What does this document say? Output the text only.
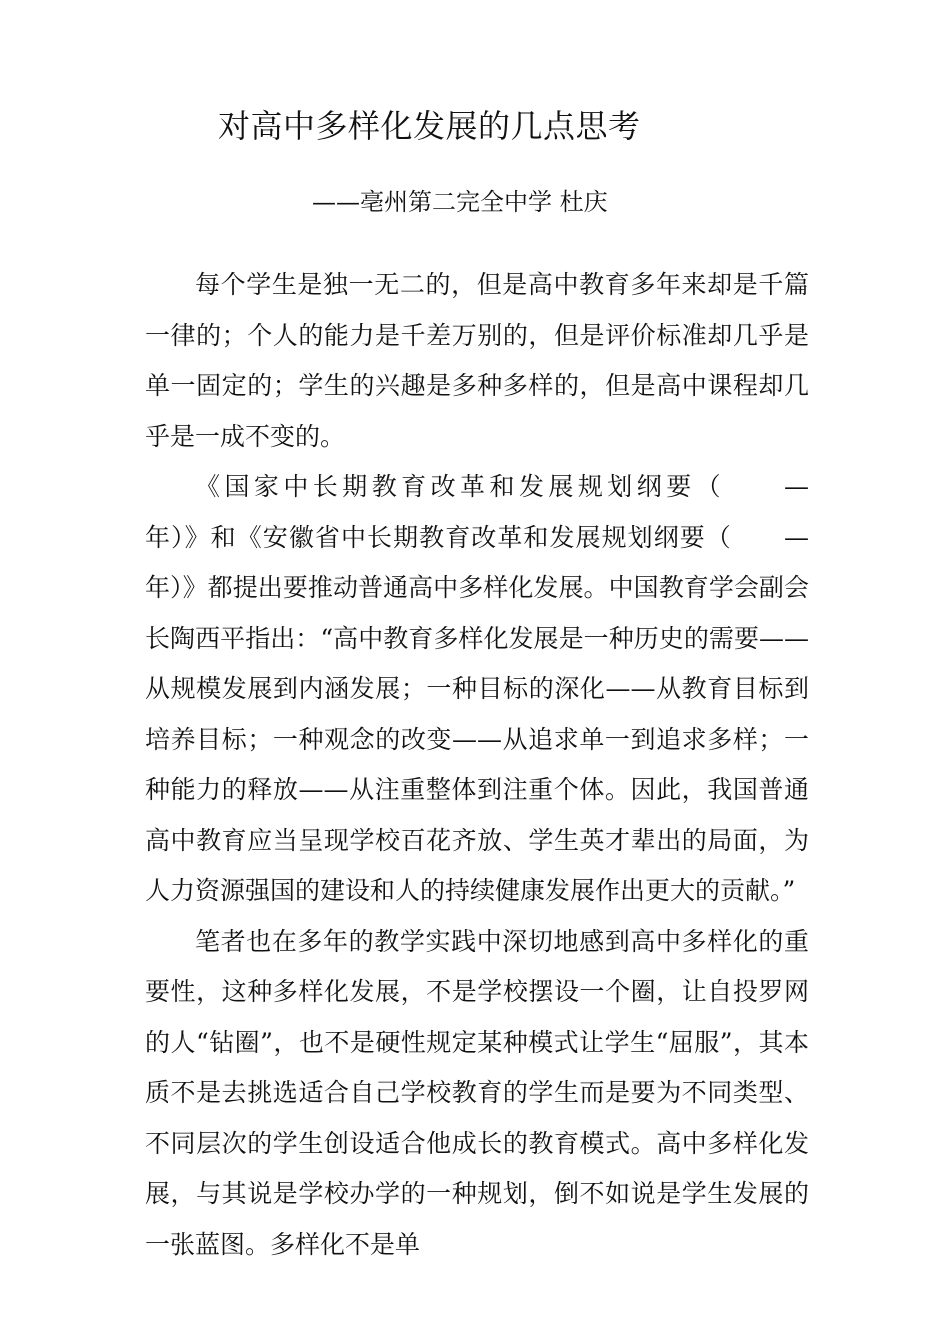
对高中多样化发展的几点思考
——亳州第二完全中学 杜庆

每个学生是独一无二的，但是高中教育多年来却是千篇一律的；个人的能力是千差万别的，但是评价标准却几乎是单一固定的；学生的兴趣是多种多样的，但是高中课程却几乎是一成不变的。

《国家中长期教育改革和发展规划纲要（　　—　　年）》和《安徽省中长期教育改革和发展规划纲要（　　—　　年）》都提出要推动普通高中多样化发展。中国教育学会副会长陶西平指出：“高中教育多样化发展是一种历史的需要——从规模发展到内涵发展；一种目标的深化——从教育目标到培养目标；一种观念的改变——从追求单一到追求多样；一种能力的释放——从注重整体到注重个体。因此，我国普通高中教育应当呈现学校百花齐放、学生英才辈出的局面，为人力资源强国的建设和人的持续健康发展作出更大的贡献。”

笔者也在多年的教学实践中深切地感到高中多样化的重要性，这种多样化发展，不是学校摆设一个圈，让自投罗网的人“钻圈”，也不是硬性规定某种模式让学生“屈服”，其本质不是去挑选适合自己学校教育的学生而是要为不同类型、不同层次的学生创设适合他成长的教育模式。高中多样化发展，与其说是学校办学的一种规划，倒不如说是学生发展的一张蓝图。多样化不是单
